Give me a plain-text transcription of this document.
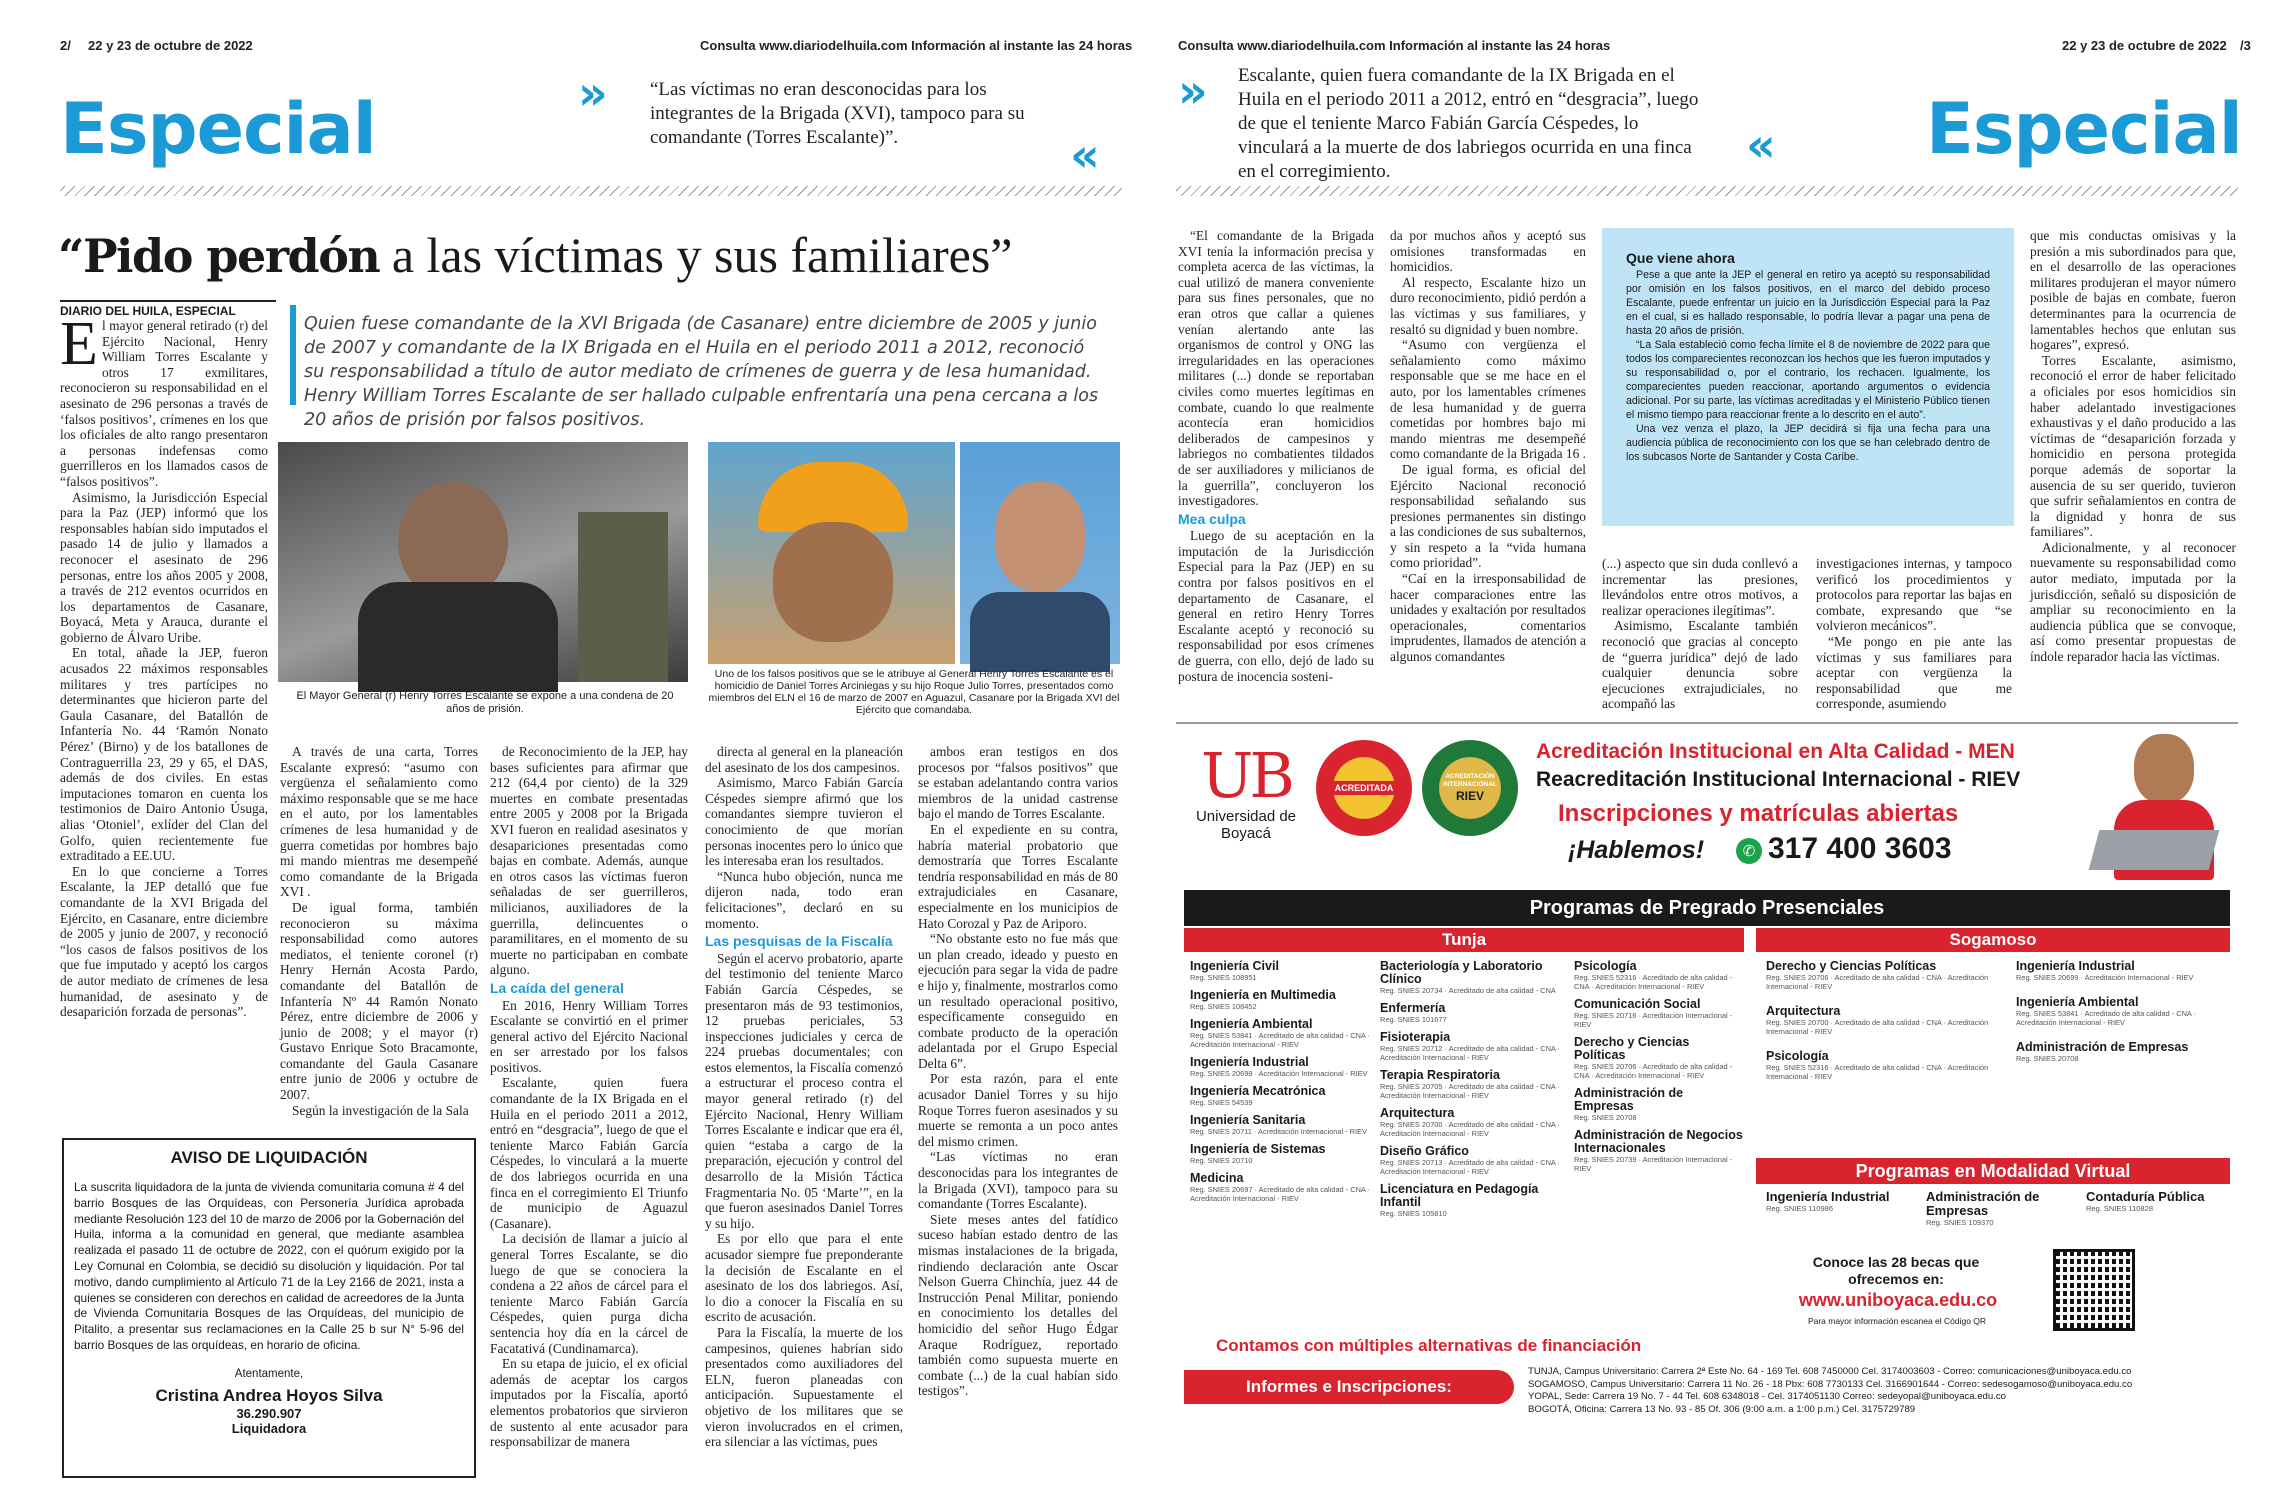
2/ 22 y 23 de octubre de 2022	Consulta www.diariodelhuila.com Información al instante las 24 horas
Especial	»	“Las víctimas no eran desconocidas para los integrantes de la Brigada (XVI), tampoco para su comandante (Torres Escalante)”.	«
“Pido perdón a las víctimas y sus familiares”
DIARIO DEL HUILA, ESPECIAL
Quien fuese comandante de la XVI Brigada (de Casanare) entre diciembre de 2005 y junio de 2007 y comandante de la IX Brigada en el Huila en el periodo 2011 a 2012, reconoció su responsabilidad a título de autor mediato de crímenes de guerra y de lesa humanidad. Henry William Torres Escalante de ser hallado culpable enfrentaría una pena cercana a los 20 años de prisión por falsos positivos.
E l mayor general retirado (r) del Ejército Nacional, Henry William Torres Escalante y otros 17 exmilitares, reconocieron su responsabilidad en el asesinato de 296 personas a través de ‘falsos positivos’, crímenes en los que los oficiales de alto rango presentaron a personas indefensas como guerrilleros en los llamados casos de “falsos positivos”.

Asimismo, la Jurisdicción Especial para la Paz (JEP) informó que los responsables habían sido imputados el pasado 14 de julio y llamados a reconocer el asesinato de 296 personas, entre los años 2005 y 2008, a través de 212 eventos ocurridos en los departamentos de Casanare, Boyacá, Meta y Arauca, durante el gobierno de Álvaro Uribe.

En total, añade la JEP, fueron acusados 22 máximos responsables militares y tres partícipes no determinantes que hicieron parte del Gaula Casanare, del Batallón de Infantería No. 44 ‘Ramón Nonato Pérez’ (Birno) y de los batallones de Contraguerrilla 23, 29 y 65, el DAS, además de dos civiles. En estas imputaciones tomaron en cuenta los testimonios de Dairo Antonio Úsuga, alias ‘Otoniel’, exlíder del Clan del Golfo, quien recientemente fue extraditado a EE.UU.

En lo que concierne a Torres Escalante, la JEP detalló que fue comandante de la XVI Brigada del Ejército, en Casanare, entre diciembre de 2005 y junio de 2007, y reconoció “los casos de falsos positivos de los que fue imputado y aceptó los cargos de autor mediato de crímenes de lesa humanidad, de asesinato y de desaparición forzada de personas”.

El Mayor General (r) Henry Torres Escalante se expone a una condena de 20 años de prisión.
Uno de los falsos positivos que se le atribuye al General Henry Torres Escalante es el homicidio de Daniel Torres Arciniegas y su hijo Roque Julio Torres, presentados como miembros del ELN el 16 de marzo de 2007 en Aguazul, Casanare por la Brigada XVI del Ejército que comandaba.

A través de una carta, Torres Escalante expresó: “asumo con vergüenza el señalamiento como máximo responsable que se me hace en el auto, por los lamentables crímenes de lesa humanidad y de guerra cometidas por hombres bajo mi mando mientras me desempeñé como comandante de la Brigada XVI .

De igual forma, también reconocieron su máxima responsabilidad como autores mediatos, el teniente coronel (r) Henry Hernán Acosta Pardo, comandante del Batallón de Infantería Nº 44 Ramón Nonato Pérez, entre diciembre de 2006 y junio de 2008; y el mayor (r) Gustavo Enrique Soto Bracamonte, comandante del Gaula Casanare entre junio de 2006 y octubre de 2007.

Según la investigación de la Sala

de Reconocimiento de la JEP, hay bases suficientes para afirmar que 212 (64,4 por ciento) de la 329 muertes en combate presentadas entre 2005 y 2008 por la Brigada XVI fueron en realidad asesinatos y desapariciones presentadas como bajas en combate. Además, aunque en otros casos las víctimas fueron señaladas de ser guerrilleros, milicianos, auxiliadores de la guerrilla, delincuentes o paramilitares, en el momento de su muerte no participaban en combate alguno.

La caída del general

En 2016, Henry William Torres Escalante se convirtió en el primer general activo del Ejército Nacional en ser arrestado por los falsos positivos.

Escalante, quien fuera comandante de la IX Brigada en el Huila en el periodo 2011 a 2012, entró en “desgracia”, luego de que el teniente Marco Fabián García Céspedes, lo vinculará a la muerte de dos labriegos ocurrida en una finca en el corregimiento El Triunfo de municipio de Aguazul (Casanare).

La decisión de llamar a juicio al general Torres Escalante, se dio luego de que se conociera la condena a 22 años de cárcel para el teniente Marco Fabián García Céspedes, quien purga dicha sentencia hoy día en la cárcel de Facatativá (Cundinamarca).

En su etapa de juicio, el ex oficial además de aceptar los cargos imputados por la Fiscalía, aportó elementos probatorios que sirvieron de sustento al ente acusador para responsabilizar de manera

directa al general en la planeación del asesinato de los dos campesinos.

Asimismo, Marco Fabián García Céspedes siempre afirmó que los comandantes siempre tuvieron el conocimiento de que morían personas inocentes pero lo único que les interesaba eran los resultados.

“Nunca hubo objeción, nunca me dijeron nada, todo eran felicitaciones”, declaró en su momento.

Las pesquisas de la Fiscalía

Según el acervo probatorio, aparte del testimonio del teniente Marco Fabián García Céspedes, se presentaron más de 93 testimonios, 12 pruebas periciales, 53 inspecciones judiciales y cerca de 224 pruebas documentales; con estos elementos, la Fiscalía comenzó a estructurar el proceso contra el mayor general retirado (r) del Ejército Nacional, Henry William Torres Escalante e indicar que era él, quien “estaba a cargo de la preparación, ejecución y control del desarrollo de la Misión Táctica Fragmentaria No. 05 ‘Marte’”, en la que fueron asesinados Daniel Torres y su hijo.

Es por ello que para el ente acusador siempre fue preponderante la decisión de Escalante en el asesinato de los dos labriegos. Así, lo dio a conocer la Fiscalía en su escrito de acusación.

Para la Fiscalía, la muerte de los campesinos, quienes habrían sido presentados como auxiliadores del ELN, fueron planeadas con anticipación. Supuestamente el objetivo de los militares que se vieron involucrados en el crimen, era silenciar a las víctimas, pues

ambos eran testigos en dos procesos por “falsos positivos” que se estaban adelantando contra varios miembros de la unidad castrense bajo el mando de Torres Escalante.

En el expediente en su contra, habría material probatorio que demostraría que Torres Escalante tendría responsabilidad en más de 80 extrajudiciales en Casanare, especialmente en los municipios de Hato Corozal y Paz de Ariporo.

“No obstante esto no fue más que un plan creado, ideado y puesto en ejecución para segar la vida de padre e hijo y, finalmente, mostrarlos como un resultado operacional positivo, específicamente conseguido en combate producto de la operación adelantada por el Grupo Especial Delta 6”.

Por esta razón, para el ente acusador Daniel Torres y su hijo Roque Torres fueron asesinados y su muerte se remonta a un poco antes del mismo crimen.

“Las víctimas no eran desconocidas para los integrantes de la Brigada (XVI), tampoco para su comandante (Torres Escalante).

Siete meses antes del fatídico suceso habían estado dentro de las mismas instalaciones de la brigada, rindiendo declaración ante Oscar Nelson Guerra Chinchía, juez 44 de Instrucción Penal Militar, poniendo en conocimiento los detalles del homicidio del señor Hugo Édgar Araque Rodríguez, reportado también como supuesta muerte en combate (...) de la cual habían sido testigos”.

AVISO DE LIQUIDACIÓN
La suscrita liquidadora de la junta de vivienda comunitaria comuna # 4 del barrio Bosques de las Orquídeas, con Personería Jurídica aprobada mediante Resolución 123 del 10 de marzo de 2006 por la Gobernación del Huila, informa a la comunidad en general, que mediante asamblea realizada el pasado 11 de octubre de 2022, con el quórum exigido por la Ley Comunal en Colombia, se decidió su disolución y liquidación. Por tal motivo, dando cumplimiento al Artículo 71 de la Ley 2166 de 2021, insta a quienes se consideren con derechos en calidad de acreedores de la Junta de Vivienda Comunitaria Bosques de las Orquídeas, del municipio de Pitalito, a presentar sus reclamaciones en la Calle 25 b sur N° 5-96 del barrio Bosques de las orquídeas, en horario de oficina.
Atentamente,
Cristina Andrea Hoyos Silva
36.290.907
Liquidadora
Consulta www.diariodelhuila.com Información al instante las 24 horas	22 y 23 de octubre de 2022 /3
» Escalante, quien fuera comandante de la IX Brigada en el Huila en el periodo 2011 a 2012, entró en “desgracia”, luego de que el teniente Marco Fabián García Céspedes, lo vinculará a la muerte de dos labriegos ocurrida en una finca en el corregimiento.	« Especial

“El comandante de la Brigada XVI tenía la información precisa y completa acerca de las víctimas, la cual utilizó de manera conveniente para sus fines personales, que no eran otros que callar a quienes venían alertando ante las organismos de control y ONG las irregularidades en las operaciones militares (...) donde se reportaban civiles como muertes legítimas en combate, cuando lo que realmente acontecía eran homicidios deliberados de campesinos y labriegos no combatientes tildados de ser auxiliadores y milicianos de la guerrilla”, concluyeron los investigadores.

Mea culpa

Luego de su aceptación en la imputación de la Jurisdicción Especial para la Paz (JEP) en su contra por falsos positivos en el departamento de Casanare, el general en retiro Henry Torres Escalante aceptó y reconoció su responsabilidad por esos crímenes de guerra, con ello, dejó de lado su postura de inocencia sosteni-

da por muchos años y aceptó sus omisiones transformadas en homicidios.

Al respecto, Escalante hizo un duro reconocimiento, pidió perdón a las víctimas y sus familiares, y resaltó su dignidad y buen nombre.

“Asumo con vergüenza el señalamiento como máximo responsable que se me hace en el auto, por los lamentables crímenes de lesa humanidad y de guerra cometidas por hombres bajo mi mando mientras me desempeñé como comandante de la Brigada 16 .

De igual forma, es oficial del Ejército Nacional reconoció responsabilidad señalando sus presiones permanentes sin distingo a las condiciones de sus subalternos, y sin respeto a la “vida humana como prioridad”.

“Caí en la irresponsabilidad de hacer comparaciones entre las unidades y exaltación por resultados operacionales, comentarios imprudentes, llamados de atención a algunos comandantes

Que viene ahora

Pese a que ante la JEP el general en retiro ya aceptó su responsabilidad por omisión en los falsos positivos, en el marco del debido proceso Escalante, puede enfrentar un juicio en la Jurisdicción Especial para la Paz en el cual, si es hallado responsable, lo podría llevar a pagar una pena de hasta 20 años de prisión.

“La Sala estableció como fecha límite el 8 de noviembre de 2022 para que todos los comparecientes reconozcan los hechos que les fueron imputados y su responsabilidad o, por el contrario, los rechacen. Igualmente, los comparecientes pueden reaccionar, aportando argumentos o evidencia adicional. Por su parte, las víctimas acreditadas y el Ministerio Público tienen el mismo tiempo para reaccionar frente a lo descrito en el auto”.

Una vez venza el plazo, la JEP decidirá si fija una fecha para una audiencia pública de reconocimiento con los que se han celebrado dentro de los subcasos Norte de Santander y Costa Caribe.

(...) aspecto que sin duda conllevó a incrementar las presiones, llevándolos entre otros motivos, a realizar operaciones ilegítimas”.

Asimismo, Escalante también reconoció que gracias al concepto de “guerra jurídica” dejó de lado cualquier denuncia sobre ejecuciones extrajudiciales, no acompañó las

investigaciones internas, y tampoco verificó los procedimientos y protocolos para reportar las bajas en combate, expresando que “se volvieron mecánicos”.

“Me pongo en pie ante las víctimas y sus familiares para aceptar con vergüenza la responsabilidad que me corresponde, asumiendo

que mis conductas omisivas y la presión a mis subordinados para que, en el desarrollo de las operaciones militares produjeran el mayor número posible de bajas en combate, fueron determinantes para la ocurrencia de lamentables hechos que enlutan sus hogares”, expresó.

Torres Escalante, asimismo, reconoció el error de haber felicitado a oficiales por esos homicidios sin haber adelantado investigaciones exhaustivas y el daño producido a las víctimas de “desaparición forzada y homicidio en persona protegida porque además de soportar la ausencia de su ser querido, tuvieron que sufrir señalamientos en contra de la dignidad y honra de sus familiares”.

Adicionalmente, y al reconocer nuevamente su responsabilidad como autor mediato, imputada por la jurisdicción, señaló su disposición de ampliar su reconocimiento en la audiencia pública que se convoque, así como presentar propuestas de índole reparador hacia las víctimas.

UB
Universidad de Boyacá
ACREDITADA
ACREDITACIÓN INTERNACIONAL
RIEV
Acreditación Institucional en Alta Calidad - MEN
Reacreditación Institucional Internacional - RIEV
Inscripciones y matrículas abiertas
¡Hablemos!	✆ 317 400 3603
Programas de Pregrado Presenciales
Tunja	Sogamoso
Ingeniería Civil
Reg. SNIES 108951
Ingeniería en Multimedia
Reg. SNIES 108452
Ingeniería Ambiental
Reg. SNIES 53841 · Acreditado de alta calidad - CNA · Acreditación Internacional - RIEV
Ingeniería Industrial
Reg. SNIES 20699 · Acreditación Internacional - RIEV
Ingeniería Mecatrónica
Reg. SNIES 54539
Ingeniería Sanitaria
Reg. SNIES 20711 · Acreditación Internacional - RIEV
Ingeniería de Sistemas
Reg. SNIES 20710
Medicina
Reg. SNIES 20697 · Acreditado de alta calidad - CNA · Acreditación Internacional - RIEV
Bacteriología y Laboratorio Clínico
Reg. SNIES 20734 · Acreditado de alta calidad - CNA
Enfermería
Reg. SNIES 101677
Fisioterapia
Reg. SNIES 20712 · Acreditado de alta calidad - CNA · Acreditación Internacional - RIEV
Terapia Respiratoria
Reg. SNIES 20705 · Acreditado de alta calidad - CNA · Acreditación Internacional - RIEV
Arquitectura
Reg. SNIES 20700 · Acreditado de alta calidad - CNA · Acreditación Internacional - RIEV
Diseño Gráfico
Reg. SNIES 20713 · Acreditado de alta calidad - CNA · Acreditación Internacional - RIEV
Licenciatura en Pedagogía Infantil
Reg. SNIES 105810
Psicología
Reg. SNIES 52316 · Acreditado de alta calidad - CNA · Acreditación Internacional - RIEV
Comunicación Social
Reg. SNIES 20716 · Acreditación Internacional - RIEV
Derecho y Ciencias Políticas
Reg. SNIES 20706 · Acreditado de alta calidad - CNA · Acreditación Internacional - RIEV
Administración de Empresas
Reg. SNIES 20708
Administración de Negocios Internacionales
Reg. SNIES 20739 · Acreditación Internacional - RIEV
Derecho y Ciencias Políticas
Reg. SNIES 20706 · Acreditado de alta calidad - CNA · Acreditación Internacional - RIEV
Arquitectura
Reg. SNIES 20700 · Acreditado de alta calidad - CNA · Acreditación Internacional - RIEV
Psicología
Reg. SNIES 52316 · Acreditado de alta calidad - CNA · Acreditación Internacional - RIEV
Ingeniería Industrial
Reg. SNIES 20699 · Acreditación Internacional - RIEV
Ingeniería Ambiental
Reg. SNIES 53841 · Acreditado de alta calidad - CNA · Acreditación Internacional - RIEV
Administración de Empresas
Reg. SNIES 20708
Programas en Modalidad Virtual
Ingeniería Industrial
Reg. SNIES 110986
Administración de Empresas
Reg. SNIES 109370
Contaduría Pública
Reg. SNIES 110828
Conoce las 28 becas que ofrecemos en:
www.uniboyaca.edu.co
Para mayor información escanea el Código QR
Contamos con múltiples alternativas de financiación
Informes e Inscripciones:
TUNJA, Campus Universitario: Carrera 2ª Este No. 64 - 169 Tel. 608 7450000 Cel. 3174003603 - Correo: comunicaciones@uniboyaca.edu.co
SOGAMOSO, Campus Universitario: Carrera 11 No. 26 - 18 Pbx: 608 7730133 Cel. 3166901644 - Correo: sedesogamoso@uniboyaca.edu.co
YOPAL, Sede: Carrera 19 No. 7 - 44 Tel. 608 6348018 - Cel. 3174051130 Correo: sedeyopal@uniboyaca.edu.co
BOGOTÁ, Oficina: Carrera 13 No. 93 - 85 Of. 306 (9:00 a.m. a 1:00 p.m.) Cel. 3175729789
